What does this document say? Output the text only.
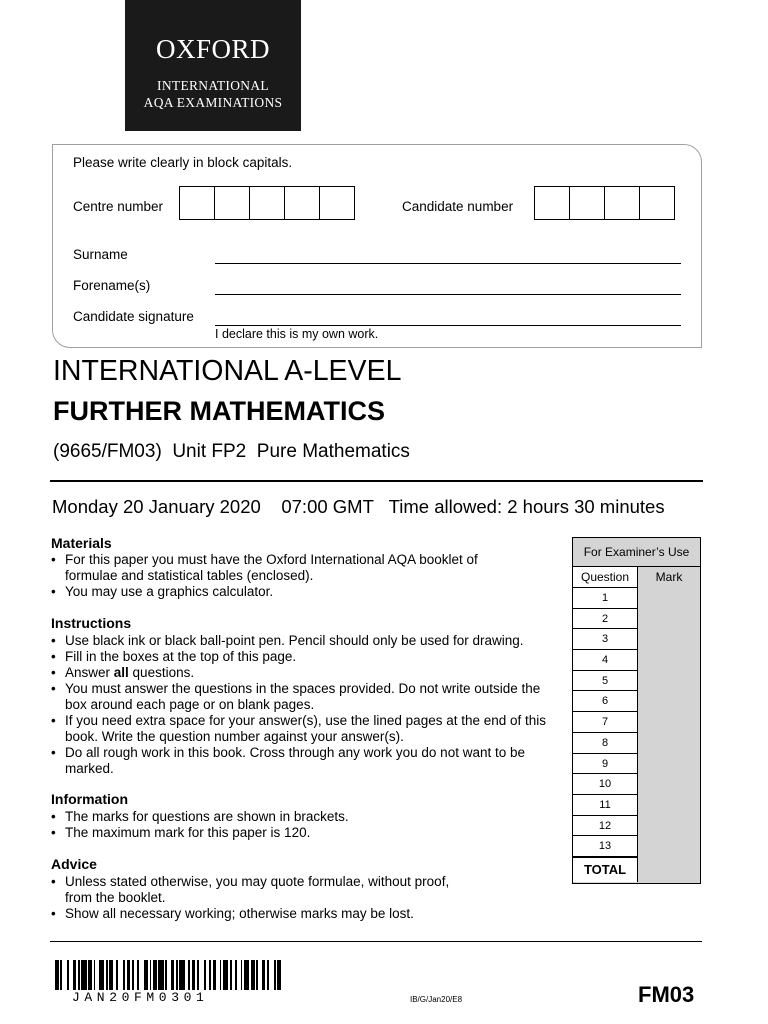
OXFORD
INTERNATIONAL
AQA EXAMINATIONS
Please write clearly in block capitals.
Centre number	Candidate number
Surname
Forename(s)
Candidate signature
I declare this is my own work.
INTERNATIONAL A-LEVEL
FURTHER MATHEMATICS
(9665/FM03)  Unit FP2  Pure Mathematics
Monday 20 January 2020 07:00 GMT Time allowed: 2 hours 30 minutes
Materials
• For this paper you must have the Oxford International AQA booklet of formulae and statistical tables (enclosed).
• You may use a graphics calculator.
Instructions
• Use black ink or black ball-point pen. Pencil should only be used for drawing.
• Fill in the boxes at the top of this page.
• Answer all questions.
• You must answer the questions in the spaces provided. Do not write outside the box around each page or on blank pages.
• If you need extra space for your answer(s), use the lined pages at the end of this book. Write the question number against your answer(s).
• Do all rough work in this book. Cross through any work you do not want to be marked.
Information
• The marks for questions are shown in brackets.
• The maximum mark for this paper is 120.
Advice
• Unless stated otherwise, you may quote formulae, without proof, from the booklet.
• Show all necessary working; otherwise marks may be lost.
For Examiner’s Use
Question	Mark
1
2
3
4
5
6
7
8
9
10
11
12
13
TOTAL
JAN20FM0301	IB/G/Jan20/E8	FM03
